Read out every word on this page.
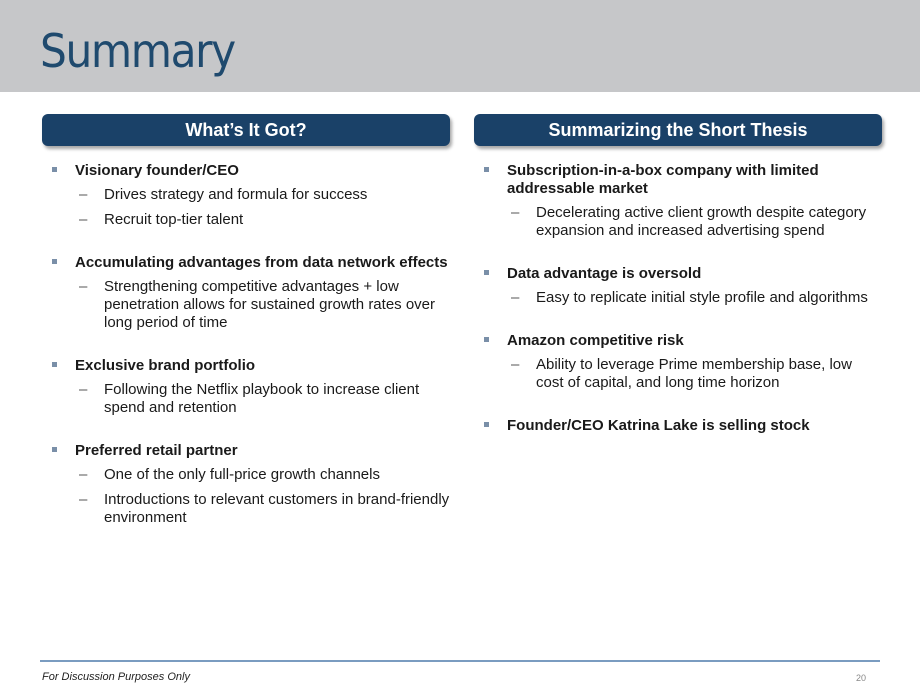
Summary
What’s It Got?
Visionary founder/CEO
– Drives strategy and formula for success
– Recruit top-tier talent
Accumulating advantages from data network effects
– Strengthening competitive advantages + low penetration allows for sustained growth rates over long period of time
Exclusive brand portfolio
– Following the Netflix playbook to increase client spend and retention
Preferred retail partner
– One of the only full-price growth channels
– Introductions to relevant customers in brand-friendly environment
Summarizing the Short Thesis
Subscription-in-a-box company with limited addressable market
– Decelerating active client growth despite category expansion and increased advertising spend
Data advantage is oversold
– Easy to replicate initial style profile and algorithms
Amazon competitive risk
– Ability to leverage Prime membership base, low cost of capital, and long time horizon
Founder/CEO Katrina Lake is selling stock
For Discussion Purposes Only	20
